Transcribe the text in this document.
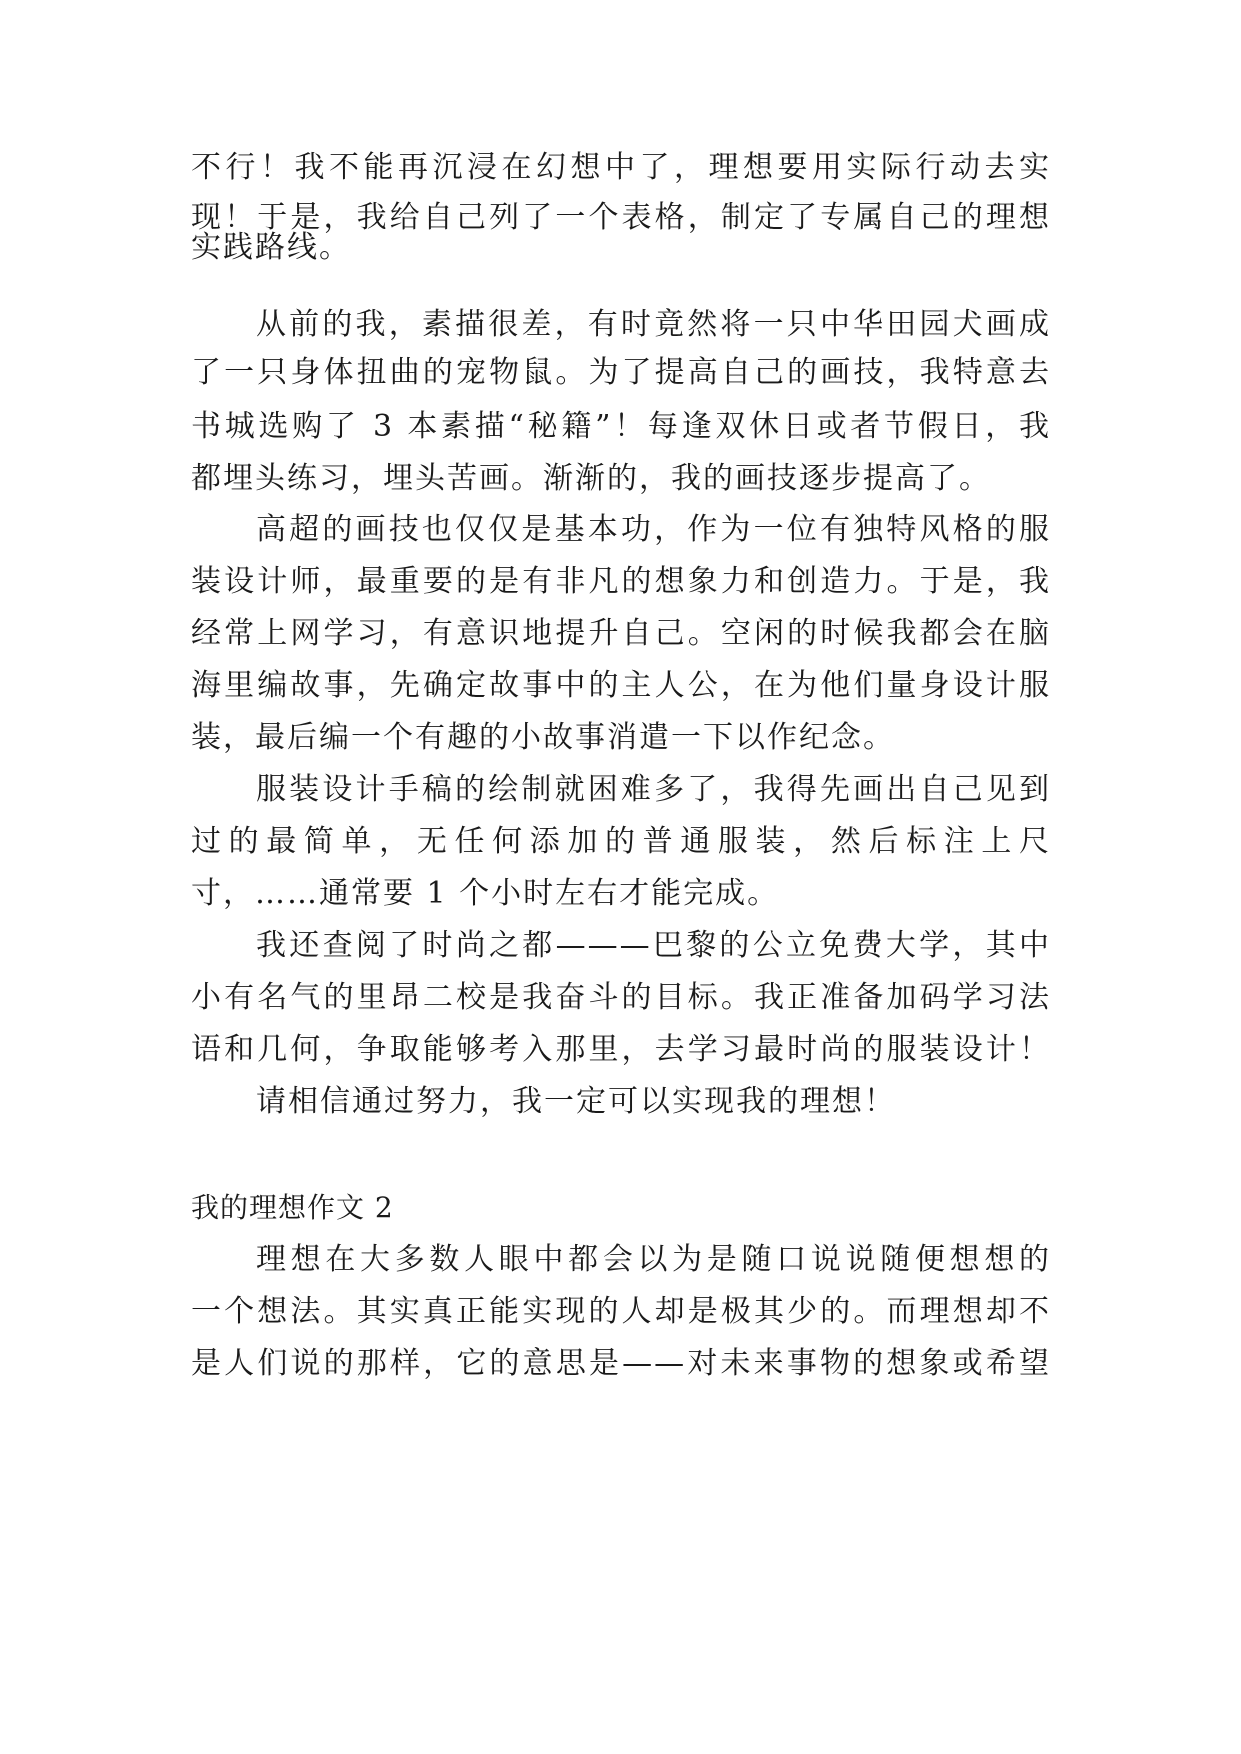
不行！我不能再沉浸在幻想中了，理想要用实际行动去实
现！于是，我给自己列了一个表格，制定了专属自己的理想
实践路线。
从前的我，素描很差，有时竟然将一只中华田园犬画成
了一只身体扭曲的宠物鼠。为了提高自己的画技，我特意去
书城选购了 3 本素描“秘籍”！每逢双休日或者节假日，我
都埋头练习，埋头苦画。渐渐的，我的画技逐步提高了。
高超的画技也仅仅是基本功，作为一位有独特风格的服
装设计师，最重要的是有非凡的想象力和创造力。于是，我
经常上网学习，有意识地提升自己。空闲的时候我都会在脑
海里编故事，先确定故事中的主人公，在为他们量身设计服
装，最后编一个有趣的小故事消遣一下以作纪念。
服装设计手稿的绘制就困难多了，我得先画出自己见到
过的最简单，无任何添加的普通服装，然后标注上尺
寸，……通常要 1 个小时左右才能完成。
我还查阅了时尚之都———巴黎的公立免费大学，其中
小有名气的里昂二校是我奋斗的目标。我正准备加码学习法
语和几何，争取能够考入那里，去学习最时尚的服装设计！
请相信通过努力，我一定可以实现我的理想！
我的理想作文 2
理想在大多数人眼中都会以为是随口说说随便想想的
一个想法。其实真正能实现的人却是极其少的。而理想却不
是人们说的那样，它的意思是——对未来事物的想象或希望
